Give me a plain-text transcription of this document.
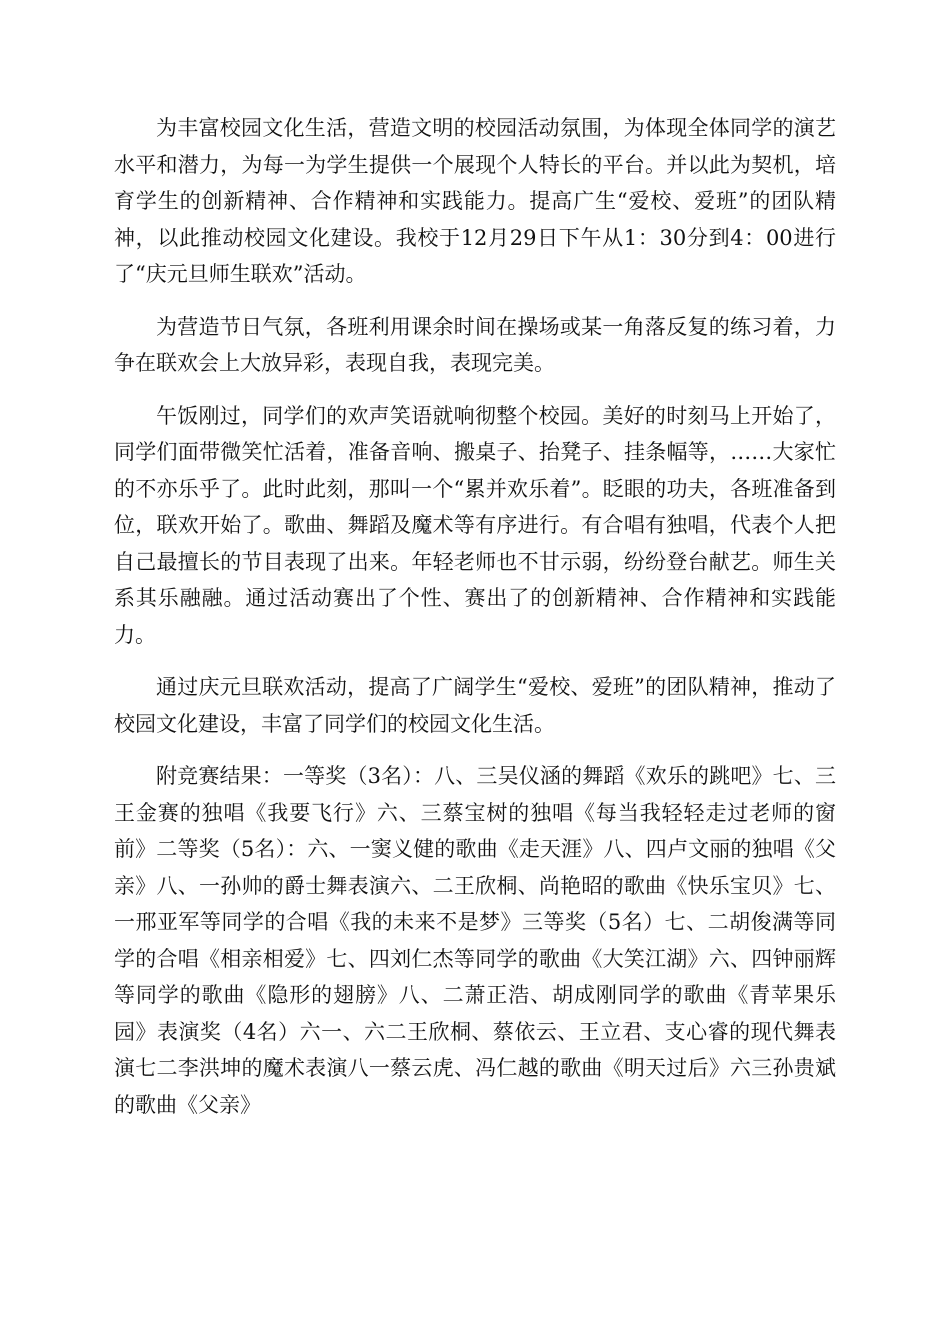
为丰富校园文化生活，营造文明的校园活动氛围，为体现全体同学的演艺水平和潜力，为每一为学生提供一个展现个人特长的平台。并以此为契机，培育学生的创新精神、合作精神和实践能力。提高广生“爱校、爱班”的团队精神，以此推动校园文化建设。我校于12月29日下午从1：30分到4：00进行了“庆元旦师生联欢”活动。

为营造节日气氛，各班利用课余时间在操场或某一角落反复的练习着，力争在联欢会上大放异彩，表现自我，表现完美。

午饭刚过，同学们的欢声笑语就响彻整个校园。美好的时刻马上开始了，同学们面带微笑忙活着，准备音响、搬桌子、抬凳子、挂条幅等，……大家忙的不亦乐乎了。此时此刻，那叫一个“累并欢乐着”。眨眼的功夫，各班准备到位，联欢开始了。歌曲、舞蹈及魔术等有序进行。有合唱有独唱，代表个人把自己最擅长的节目表现了出来。年轻老师也不甘示弱，纷纷登台献艺。师生关系其乐融融。通过活动赛出了个性、赛出了的创新精神、合作精神和实践能力。

通过庆元旦联欢活动，提高了广阔学生“爱校、爱班”的团队精神，推动了校园文化建设，丰富了同学们的校园文化生活。

附竞赛结果：一等奖（3名）：八、三吴仪涵的舞蹈《欢乐的跳吧》七、三王金赛的独唱《我要飞行》六、三蔡宝树的独唱《每当我轻轻走过老师的窗前》二等奖（5名）：六、一窦义健的歌曲《走天涯》八、四卢文丽的独唱《父亲》八、一孙帅的爵士舞表演六、二王欣桐、尚艳昭的歌曲《快乐宝贝》七、一邢亚军等同学的合唱《我的未来不是梦》三等奖（5名）七、二胡俊满等同学的合唱《相亲相爱》七、四刘仁杰等同学的歌曲《大笑江湖》六、四钟丽辉等同学的歌曲《隐形的翅膀》八、二萧正浩、胡成刚同学的歌曲《青苹果乐园》表演奖（4名）六一、六二王欣桐、蔡依云、王立君、支心睿的现代舞表演七二李洪坤的魔术表演八一蔡云虎、冯仁越的歌曲《明天过后》六三孙贵斌的歌曲《父亲》
